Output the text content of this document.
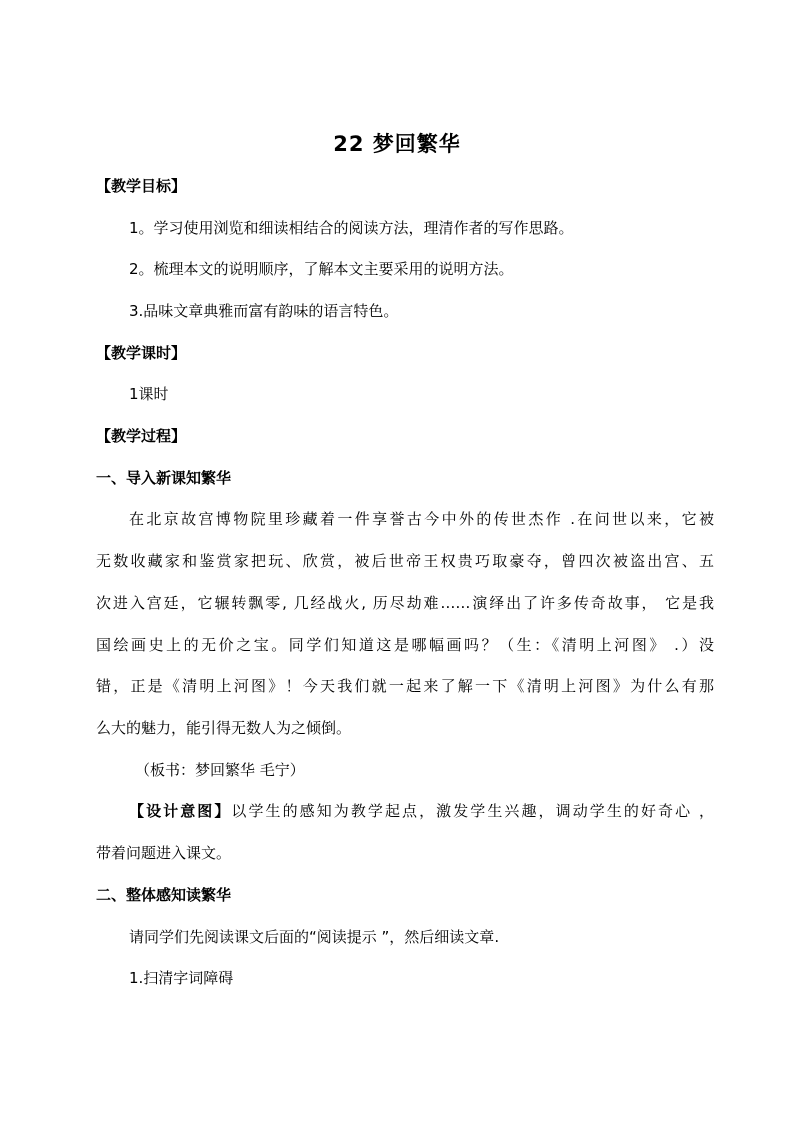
22 梦回繁华
【教学目标】
1。学习使用浏览和细读相结合的阅读方法，理清作者的写作思路。
2。梳理本文的说明顺序，了解本文主要采用的说明方法。
3.品味文章典雅而富有韵味的语言特色。
【教学课时】
1课时
【教学过程】
一、导入新课知繁华
在北京故宫博物院里珍藏着一件享誉古今中外的传世杰作 .在问世以来，它被
无数收藏家和鉴赏家把玩、欣赏，被后世帝王权贵巧取豪夺，曾四次被盗出宫、五
次进入宫廷，它辗转飘零, 几经战火, 历尽劫难……演绎出了许多传奇故事， 它是我
国绘画史上的无价之宝。同学们知道这是哪幅画吗？（生：《清明上河图》 .）没
错，正是《清明上河图》！今天我们就一起来了解一下《清明上河图》为什么有那
么大的魅力，能引得无数人为之倾倒。
（板书：梦回繁华 毛宁）
【设计意图】以学生的感知为教学起点，激发学生兴趣，调动学生的好奇心 ，
带着问题进入课文。
二、整体感知读繁华
请同学们先阅读课文后面的“阅读提示 ”，然后细读文章.
1.扫清字词障碍
